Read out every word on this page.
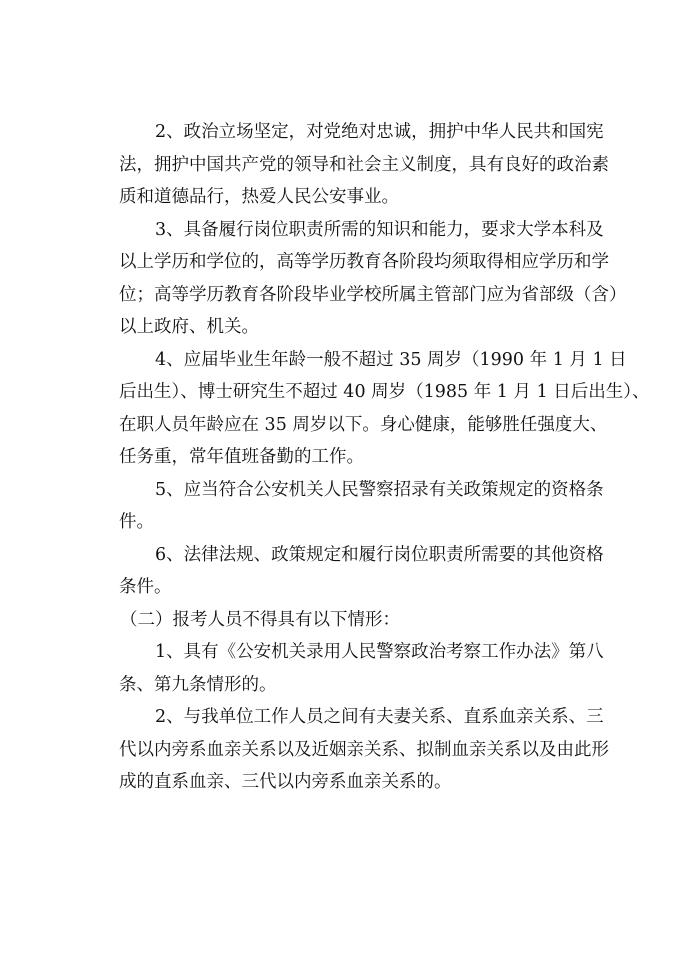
2、政治立场坚定，对党绝对忠诚，拥护中华人民共和国宪
法，拥护中国共产党的领导和社会主义制度，具有良好的政治素
质和道德品行，热爱人民公安事业。
3、具备履行岗位职责所需的知识和能力，要求大学本科及
以上学历和学位的，高等学历教育各阶段均须取得相应学历和学
位；高等学历教育各阶段毕业学校所属主管部门应为省部级（含）
以上政府、机关。
4、应届毕业生年龄一般不超过 35 周岁（1990 年 1 月 1 日
后出生）、博士研究生不超过 40 周岁（1985 年 1 月 1 日后出生）、
在职人员年龄应在 35 周岁以下。身心健康，能够胜任强度大、
任务重，常年值班备勤的工作。
5、应当符合公安机关人民警察招录有关政策规定的资格条
件。
6、法律法规、政策规定和履行岗位职责所需要的其他资格
条件。
（二）报考人员不得具有以下情形：
1、具有《公安机关录用人民警察政治考察工作办法》第八
条、第九条情形的。
2、与我单位工作人员之间有夫妻关系、直系血亲关系、三
代以内旁系血亲关系以及近姻亲关系、拟制血亲关系以及由此形
成的直系血亲、三代以内旁系血亲关系的。
